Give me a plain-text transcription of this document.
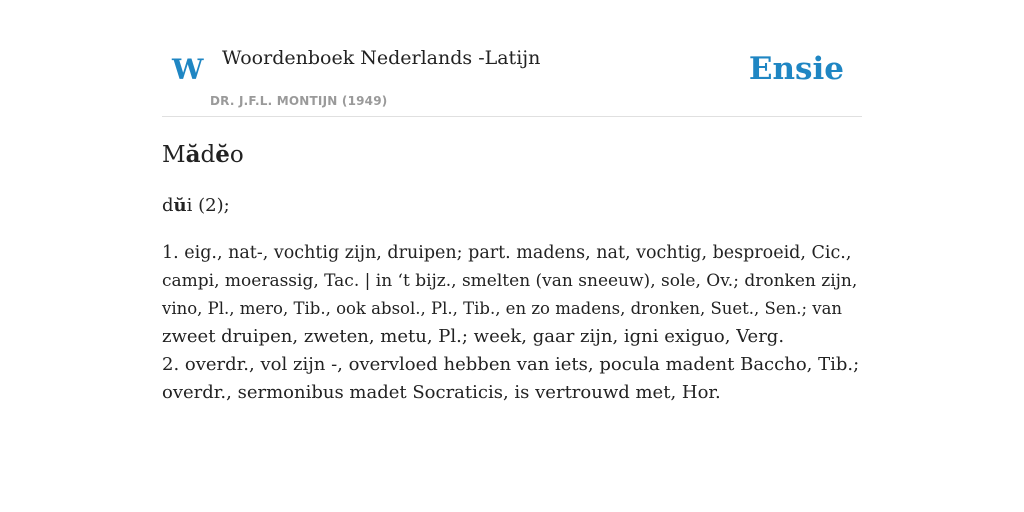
W Woordenboek Nederlands -Latijn
DR. J.F.L. MONTIJN (1949)
Ensie
Mădĕo
dŭi (2);

1. eig., nat-, vochtig zijn, druipen; part. madens, nat, vochtig, besproeid, Cic.,

campi, moerassig, Tac. | in ‘t bijz., smelten (van sneeuw), sole, Ov.; dronken zijn,

vino, Pl., mero, Tib., ook absol., Pl., Tib., en zo madens, dronken, Suet., Sen.; van

zweet druipen, zweten, metu, Pl.; week, gaar zijn, igni exiguo, Verg.

2. overdr., vol zijn -, overvloed hebben van iets, pocula madent Baccho, Tib.;

overdr., sermonibus madet Socraticis, is vertrouwd met, Hor.
